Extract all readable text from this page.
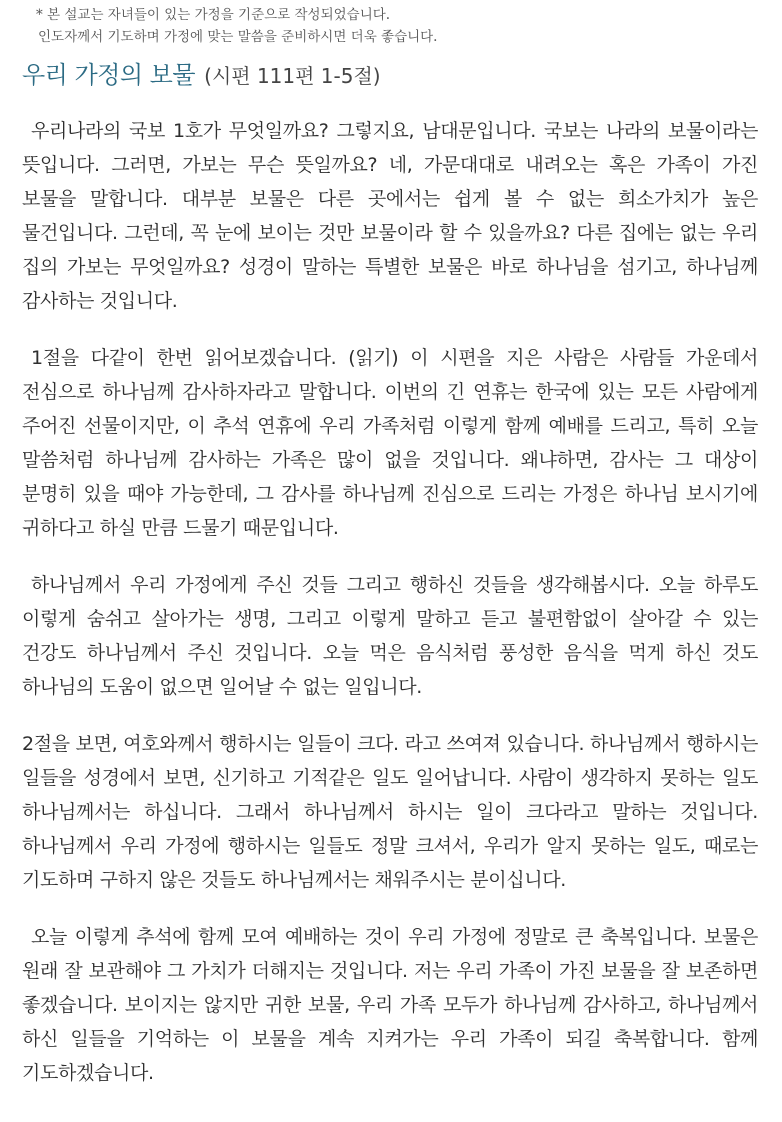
* 본 설교는 자녀들이 있는 가정을 기준으로 작성되었습니다.
인도자께서 기도하며 가정에 맞는 말씀을 준비하시면 더욱 좋습니다.
우리 가정의 보물 (시편 111편 1-5절)

우리나라의 국보 1호가 무엇일까요? 그렇지요, 남대문입니다. 국보는 나라의 보물이라는 뜻입니다. 그러면, 가보는 무슨 뜻일까요? 네, 가문대대로 내려오는 혹은 가족이 가진 보물을 말합니다. 대부분 보물은 다른 곳에서는 쉽게 볼 수 없는 희소가치가 높은 물건입니다. 그런데, 꼭 눈에 보이는 것만 보물이라 할 수 있을까요? 다른 집에는 없는 우리 집의 가보는 무엇일까요? 성경이 말하는 특별한 보물은 바로 하나님을 섬기고, 하나님께 감사하는 것입니다.

1절을 다같이 한번 읽어보겠습니다. (읽기) 이 시편을 지은 사람은 사람들 가운데서 전심으로 하나님께 감사하자라고 말합니다. 이번의 긴 연휴는 한국에 있는 모든 사람에게 주어진 선물이지만, 이 추석 연휴에 우리 가족처럼 이렇게 함께 예배를 드리고, 특히 오늘 말씀처럼 하나님께 감사하는 가족은 많이 없을 것입니다. 왜냐하면, 감사는 그 대상이 분명히 있을 때야 가능한데, 그 감사를 하나님께 진심으로 드리는 가정은 하나님 보시기에 귀하다고 하실 만큼 드물기 때문입니다.

하나님께서 우리 가정에게 주신 것들 그리고 행하신 것들을 생각해봅시다. 오늘 하루도 이렇게 숨쉬고 살아가는 생명, 그리고 이렇게 말하고 듣고 불편함없이 살아갈 수 있는 건강도 하나님께서 주신 것입니다. 오늘 먹은 음식처럼 풍성한 음식을 먹게 하신 것도 하나님의 도움이 없으면 일어날 수 없는 일입니다.

2절을 보면, 여호와께서 행하시는 일들이 크다. 라고 쓰여져 있습니다. 하나님께서 행하시는 일들을 성경에서 보면, 신기하고 기적같은 일도 일어납니다. 사람이 생각하지 못하는 일도 하나님께서는 하십니다. 그래서 하나님께서 하시는 일이 크다라고 말하는 것입니다. 하나님께서 우리 가정에 행하시는 일들도 정말 크셔서, 우리가 알지 못하는 일도, 때로는 기도하며 구하지 않은 것들도 하나님께서는 채워주시는 분이십니다.

오늘 이렇게 추석에 함께 모여 예배하는 것이 우리 가정에 정말로 큰 축복입니다. 보물은 원래 잘 보관해야 그 가치가 더해지는 것입니다. 저는 우리 가족이 가진 보물을 잘 보존하면 좋겠습니다. 보이지는 않지만 귀한 보물, 우리 가족 모두가 하나님께 감사하고, 하나님께서 하신 일들을 기억하는 이 보물을 계속 지켜가는 우리 가족이 되길 축복합니다. 함께 기도하겠습니다.
